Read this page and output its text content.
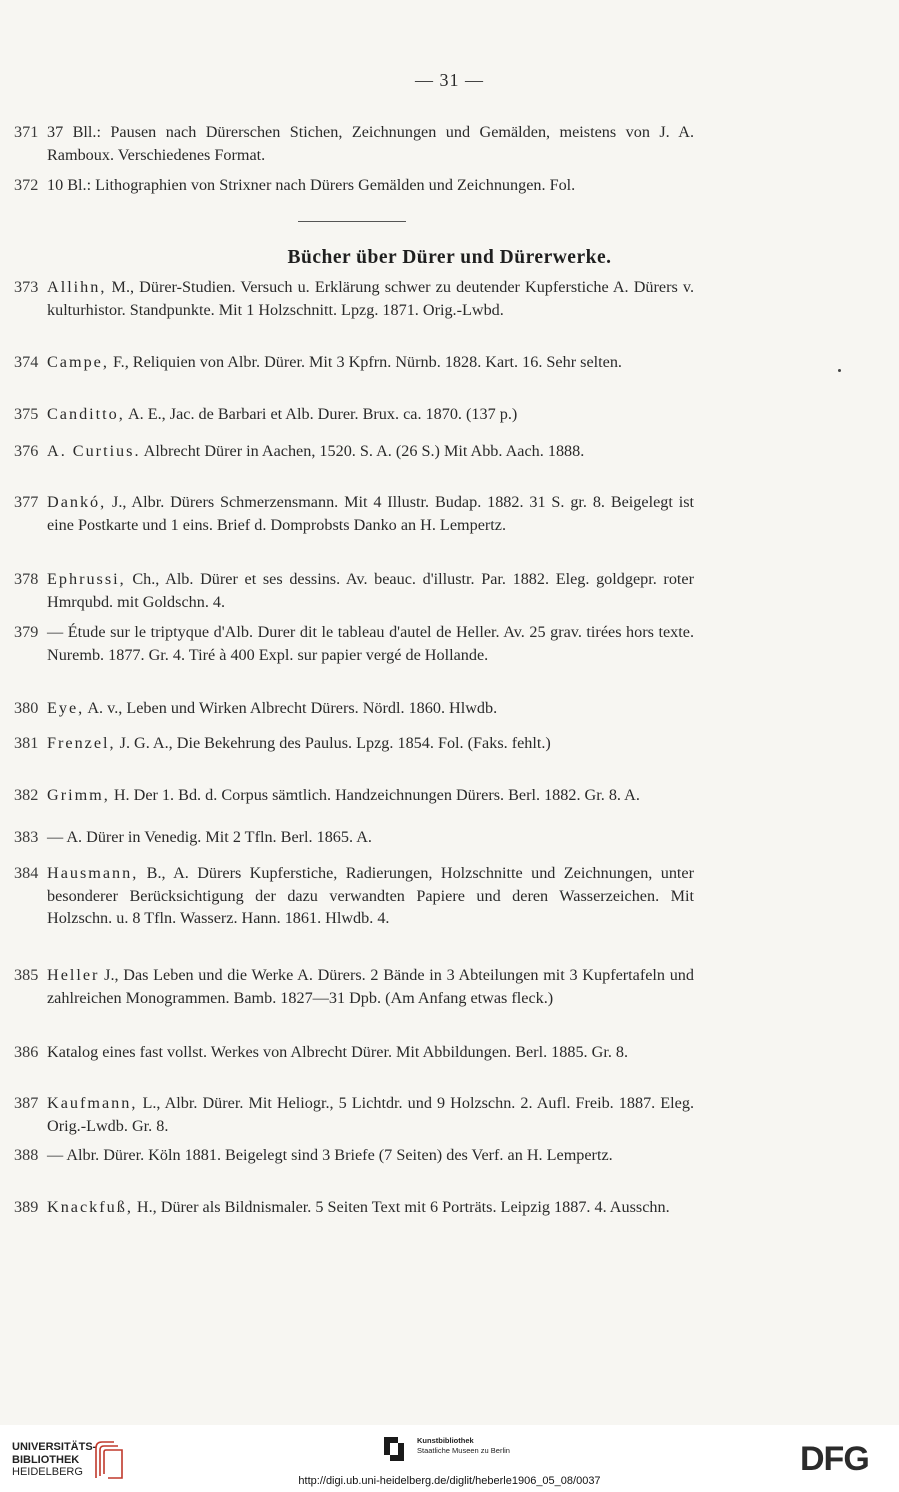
— 31 —
371 37 Bll.: Pausen nach Dürerschen Stichen, Zeichnungen und Gemälden, meistens von J. A. Ramboux. Verschiedenes Format.
372 10 Bl.: Lithographien von Strixner nach Dürers Gemälden und Zeichnungen. Fol.
Bücher über Dürer und Dürerwerke.
373 Allihn, M., Dürer-Studien. Versuch u. Erklärung schwer zu deutender Kupferstiche A. Dürers v. kulturhistor. Standpunkte. Mit 1 Holzschnitt. Lpzg. 1871. Orig.-Lwbd.
374 Campe, F., Reliquien von Albr. Dürer. Mit 3 Kpfrn. Nürnb. 1828. Kart. 16. Sehr selten.
375 Canditto, A. E., Jac. de Barbari et Alb. Durer. Brux. ca. 1870. (137 p.)
376 A. Curtius. Albrecht Dürer in Aachen, 1520. S. A. (26 S.) Mit Abb. Aach. 1888.
377 Dankó, J., Albr. Dürers Schmerzensmann. Mit 4 Illustr. Budap. 1882. 31 S. gr. 8. Beigelegt ist eine Postkarte und 1 eins. Brief d. Domprobsts Danko an H. Lempertz.
378 Ephrussi, Ch., Alb. Dürer et ses dessins. Av. beauc. d'illustr. Par. 1882. Eleg. goldgepr. roter Hmrqubd. mit Goldschn. 4.
379 — Étude sur le triptyque d'Alb. Durer dit le tableau d'autel de Heller. Av. 25 grav. tirées hors texte. Nuremb. 1877. Gr. 4. Tiré à 400 Expl. sur papier vergé de Hollande.
380 Eye, A. v., Leben und Wirken Albrecht Dürers. Nördl. 1860. Hlwdb.
381 Frenzel, J. G. A., Die Bekehrung des Paulus. Lpzg. 1854. Fol. (Faks. fehlt.)
382 Grimm, H. Der 1. Bd. d. Corpus sämtlich. Handzeichnungen Dürers. Berl. 1882. Gr. 8. A.
383 — A. Dürer in Venedig. Mit 2 Tfln. Berl. 1865. A.
384 Hausmann, B., A. Dürers Kupferstiche, Radierungen, Holzschnitte und Zeichnungen, unter besonderer Berücksichtigung der dazu verwandten Papiere und deren Wasserzeichen. Mit Holzschn. u. 8 Tfln. Wasserz. Hann. 1861. Hlwdb. 4.
385 Heller J., Das Leben und die Werke A. Dürers. 2 Bände in 3 Abteilungen mit 3 Kupfertafeln und zahlreichen Monogrammen. Bamb. 1827—31 Dpb. (Am Anfang etwas fleck.)
386 Katalog eines fast vollst. Werkes von Albrecht Dürer. Mit Abbildungen. Berl. 1885. Gr. 8.
387 Kaufmann, L., Albr. Dürer. Mit Heliogr., 5 Lichtdr. und 9 Holzschn. 2. Aufl. Freib. 1887. Eleg. Orig.-Lwdb. Gr. 8.
388 — Albr. Dürer. Köln 1881. Beigelegt sind 3 Briefe (7 Seiten) des Verf. an H. Lempertz.
389 Knackfuß, H., Dürer als Bildnismaler. 5 Seiten Text mit 6 Porträts. Leipzig 1887. 4. Ausschn.
UNIVERSITÄTS-
BIBLIOTHEK
HEIDELBERG
Kunstbibliothek
Staatliche Museen zu Berlin	DFG
http://digi.ub.uni-heidelberg.de/diglit/heberle1906_05_08/0037
